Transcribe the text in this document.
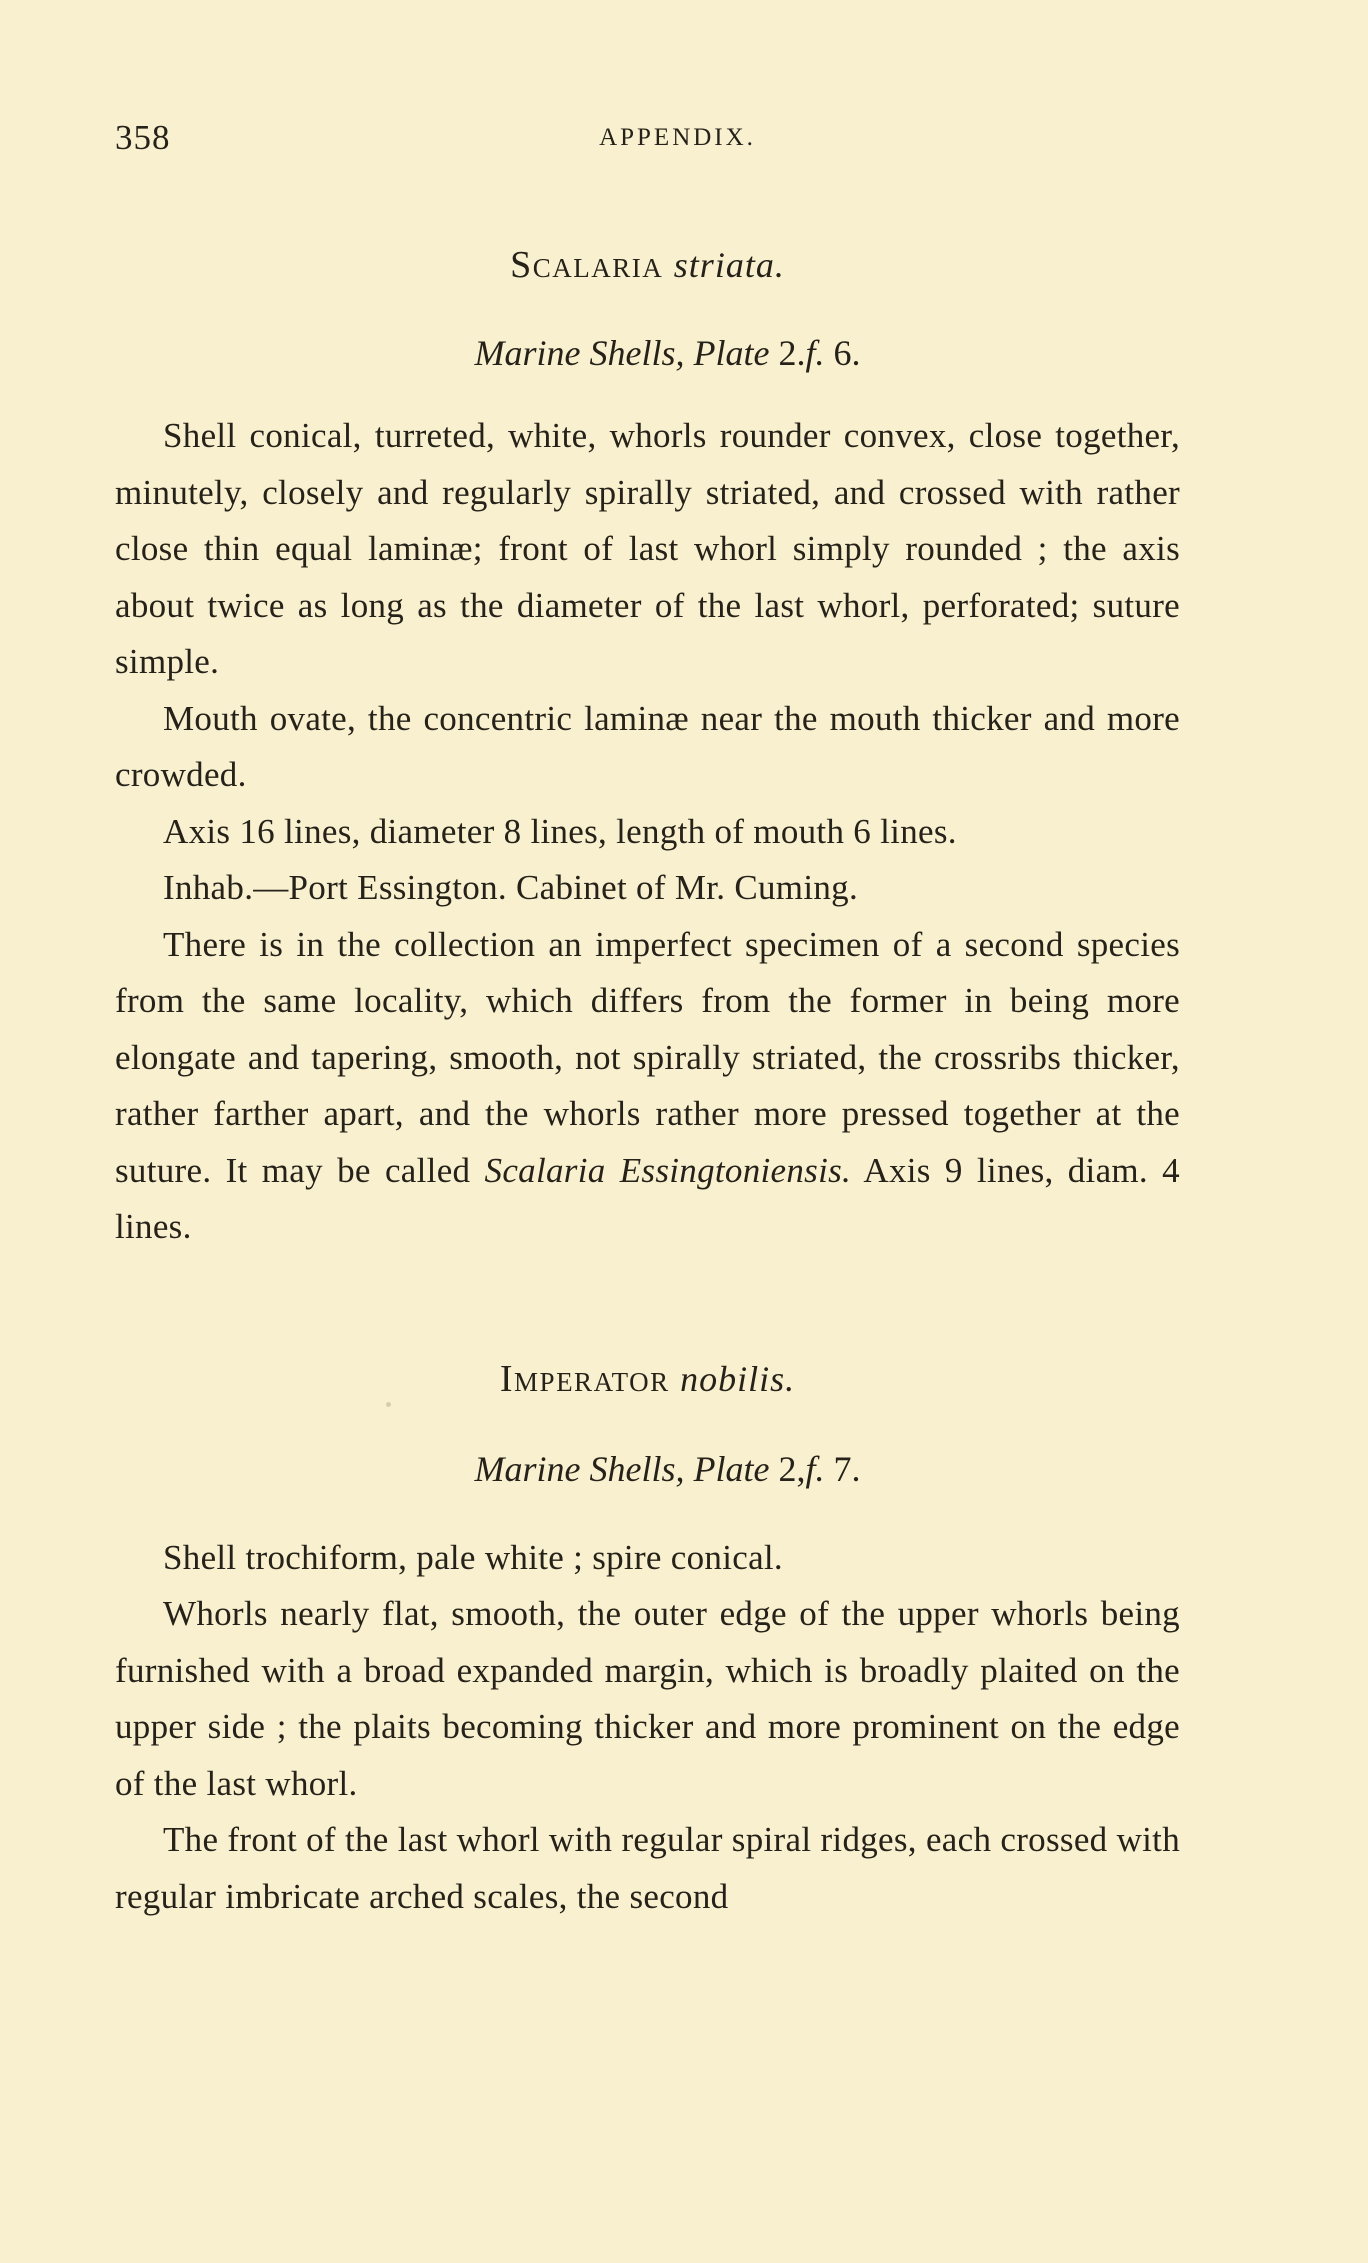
358	APPENDIX.
Scalaria striata.
Marine Shells, Plate 2.f. 6.

Shell conical, turreted, white, whorls rounder convex, close together, minutely, closely and regularly spirally striated, and crossed with rather close thin equal laminæ; front of last whorl simply rounded ; the axis about twice as long as the diameter of the last whorl, perforated; suture simple.

Mouth ovate, the concentric laminæ near the mouth thicker and more crowded.

Axis 16 lines, diameter 8 lines, length of mouth 6 lines.

Inhab.—Port Essington. Cabinet of Mr. Cuming.

There is in the collection an imperfect specimen of a second species from the same locality, which differs from the former in being more elongate and tapering, smooth, not spirally striated, the crossribs thicker, rather farther apart, and the whorls rather more pressed together at the suture. It may be called Scalaria Essingtoniensis. Axis 9 lines, diam. 4 lines.

Imperator nobilis.
Marine Shells, Plate 2,f. 7.

Shell trochiform, pale white ; spire conical.

Whorls nearly flat, smooth, the outer edge of the upper whorls being furnished with a broad expanded margin, which is broadly plaited on the upper side ; the plaits becoming thicker and more prominent on the edge of the last whorl.

The front of the last whorl with regular spiral ridges, each crossed with regular imbricate arched scales, the second
